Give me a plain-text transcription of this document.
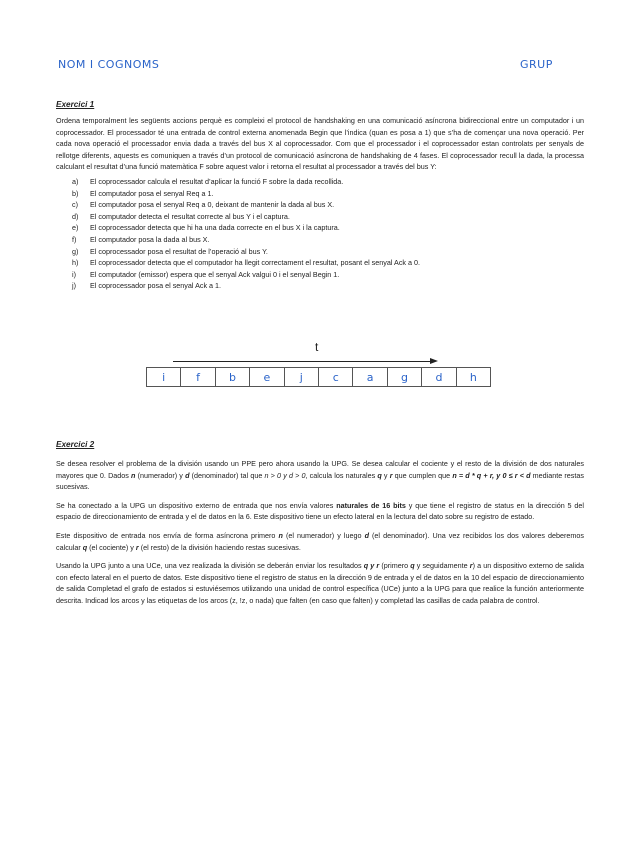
NOM I COGNOMS	GRUP

Exercici 1

Ordena temporalment les següents accions perquè es compleixi el protocol de handshaking en una comunicació asíncrona bidireccional entre un computador i un coprocessador. El processador té una entrada de control externa anomenada Begin que l’indica (quan es posa a 1) que s’ha de començar una nova operació. Per cada nova operació el processador envia dada a través del bus X al coprocessador. Com que el processador i el coprocessador estan controlats per senyals de rellotge diferents, aquests es comuniquen a través d’un protocol de comunicació asíncrona de handshaking de 4 fases. El coprocessador recull la dada, la processa calculant el resultat d’una funció matemàtica F sobre aquest valor i retorna el resultat al processador a través del bus Y:

a)	El coprocessador calcula el resultat d’aplicar la funció F sobre la dada recollida.
b)	El computador posa el senyal Req a 1.
c)	El computador posa el senyal Req a 0, deixant de mantenir la dada al bus X.
d)	El computador detecta el resultat correcte al bus Y i el captura.
e)	El coprocessador detecta que hi ha una dada correcte en el bus X i la captura.
f)	El computador posa la dada al bus X.
g)	El coprocessador posa el resultat de l’operació al bus Y.
h)	El coprocessador detecta que el computador ha llegit correctament el resultat, posant el senyal Ack a 0.
i)	El computador (emissor) espera que el senyal Ack valgui 0 i el senyal Begin 1.
j)	El coprocessador posa el senyal Ack a 1.
t
i	f	b	e	j	c	a	g	d	h

Exercici 2

Se desea resolver el problema de la división usando un PPE pero ahora usando la UPG. Se desea calcular el cociente y el resto de la división de dos naturales mayores que 0. Dados n (numerador) y d (denominador) tal que n > 0 y d > 0, calcula los naturales q y r que cumplen que n = d * q + r, y 0 ≤ r < d mediante restas sucesivas.

Se ha conectado a la UPG un dispositivo externo de entrada que nos envía valores naturales de 16 bits y que tiene el registro de status en la dirección 5 del espacio de direccionamiento de entrada y el de datos en la 6. Este dispositivo tiene un efecto lateral en la lectura del dato sobre su registro de estado.

Este dispositivo de entrada nos envía de forma asíncrona primero n (el numerador) y luego d (el denominador). Una vez recibidos los dos valores deberemos calcular q (el cociente) y r (el resto) de la división haciendo restas sucesivas.

Usando la UPG junto a una UCe, una vez realizada la división se deberán enviar los resultados q y r (primero q y seguidamente r) a un dispositivo externo de salida con efecto lateral en el puerto de datos. Este dispositivo tiene el registro de status en la dirección 9 de entrada y el de datos en la 10 del espacio de direccionamiento de salida Completad el grafo de estados si estuviésemos utilizando una unidad de control específica (UCe) junto a la UPG para que realice la función anteriormente descrita. Indicad los arcos y las etiquetas de los arcos (z, !z, o nada) que falten (en caso que falten) y completad las casillas de cada palabra de control.
